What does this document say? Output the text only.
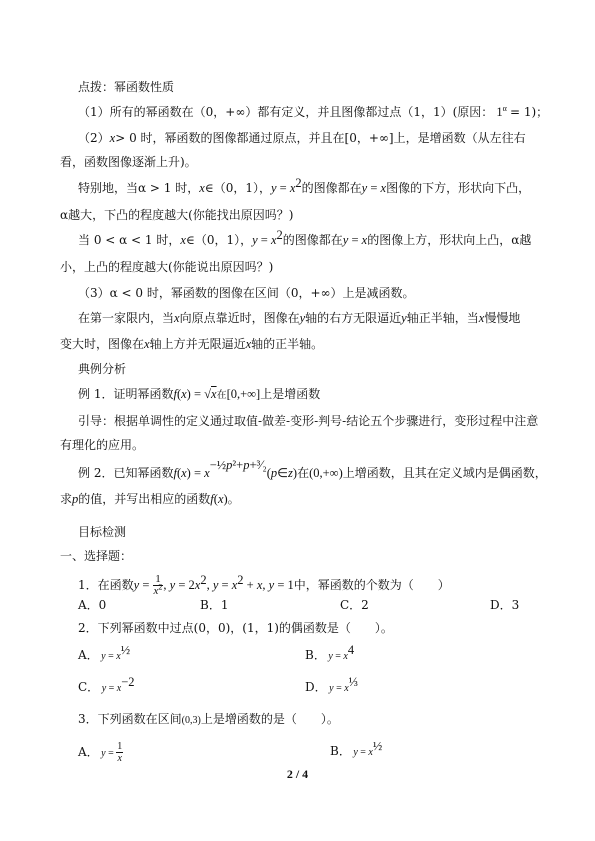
点拨：幂函数性质
（1）所有的幂函数在（0，+∞）都有定义，并且图像都过点（1，1）(原因： $1^\alpha = 1$)；
（2）x> 0 时，幂函数的图像都通过原点，并且在[0，+∞]上，是增函数（从左往右
看，函数图像逐渐上升)。
特别地，当α > 1 时，x∈（0，1），$y = x^2$的图像都在y = x图像的下方，形状向下凸，
α越大，下凸的程度越大(你能找出原因吗？)
当 0 < α < 1 时，x∈（0，1），$y = x^2$的图像都在y = x的图像上方，形状向上凸，α越
小，上凸的程度越大(你能说出原因吗？)
（3）α < 0 时，幂函数的图像在区间（0，+∞）上是减函数。
在第一家限内，当x向原点靠近时，图像在y轴的右方无限逼近y轴正半轴，当x慢慢地
变大时，图像在x轴上方并无限逼近x轴的正半轴。
典例分析
例 1．证明幂函数f(x) = √x在[0,+∞]上是增函数
引导：根据单调性的定义通过取值-做差-变形-判号-结论五个步骤进行，变形过程中注意
有理化的应用。
例 2．已知幂函数$f(x) = x^{-\frac{1}{2}p^2+p+^3⁄_2}(p\in z)$在(0,+∞)上增函数，且其在定义域内是偶函数，
求p的值，并写出相应的函数f(x)。
目标检测
一、选择题：
1．在函数$y = \frac{1}{x^2}$ , $y = 2x^2$, $y = x^2 + x$, y = 1中，幂函数的个数为（　　）
A．0	B．1	C．2	D．3
2．下列幂函数中过点(0，0)，(1，1)的偶函数是（　　）。
A． $y = x^{\frac{1}{2}}$	B． $y = x^4$
C． $y = x^{-2}$	D． $y = x^{\frac{1}{3}}$
3．下列函数在区间(0,3)上是增函数的是（　　）。
A． $y = \frac{1}{x}$	B． $y = x^{\frac{1}{2}}$
2 / 4
